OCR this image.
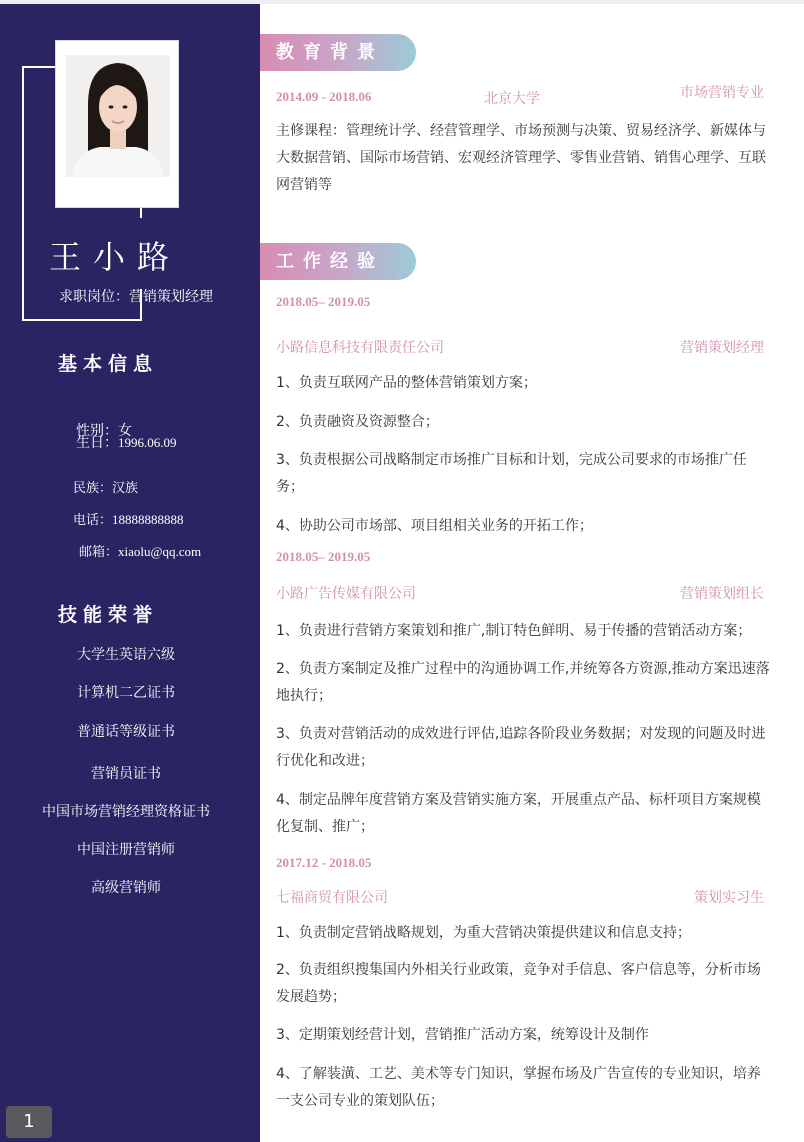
王小路
求职岗位：营销策划经理
基本信息
性别：女
生日：1996.06.09
民族：汉族
电话：18888888888
邮箱：xiaolu@qq.com
技能荣誉
大学生英语六级
计算机二乙证书
普通话等级证书
营销员证书
中国市场营销经理资格证书
中国注册营销师
高级营销师
1
教育背景
2014.09 - 2018.06	北京大学	市场营销专业
主修课程：管理统计学、经营管理学、市场预测与决策、贸易经济学、新媒体与大数据营销、国际市场营销、宏观经济管理学、零售业营销、销售心理学、互联网营销等
工作经验
2018.05– 2019.05
小路信息科技有限责任公司	营销策划经理
1、负责互联网产品的整体营销策划方案；
2、负责融资及资源整合；
3、负责根据公司战略制定市场推广目标和计划，完成公司要求的市场推广任务；
4、协助公司市场部、项目组相关业务的开拓工作；
2018.05– 2019.05
小路广告传媒有限公司	营销策划组长
1、负责进行营销方案策划和推广,制订特色鲜明、易于传播的营销活动方案；
2、负责方案制定及推广过程中的沟通协调工作,并统筹各方资源,推动方案迅速落地执行；
3、负责对营销活动的成效进行评估,追踪各阶段业务数据；对发现的问题及时进行优化和改进；
4、制定品牌年度营销方案及营销实施方案，开展重点产品、标杆项目方案规模化复制、推广；
2017.12 - 2018.05
七福商贸有限公司	策划实习生
1、负责制定营销战略规划，为重大营销决策提供建议和信息支持；
2、负责组织搜集国内外相关行业政策，竞争对手信息、客户信息等，分析市场发展趋势；
3、定期策划经营计划，营销推广活动方案，统筹设计及制作
4、了解装潢、工艺、美术等专门知识，掌握布场及广告宣传的专业知识，培养一支公司专业的策划队伍；
